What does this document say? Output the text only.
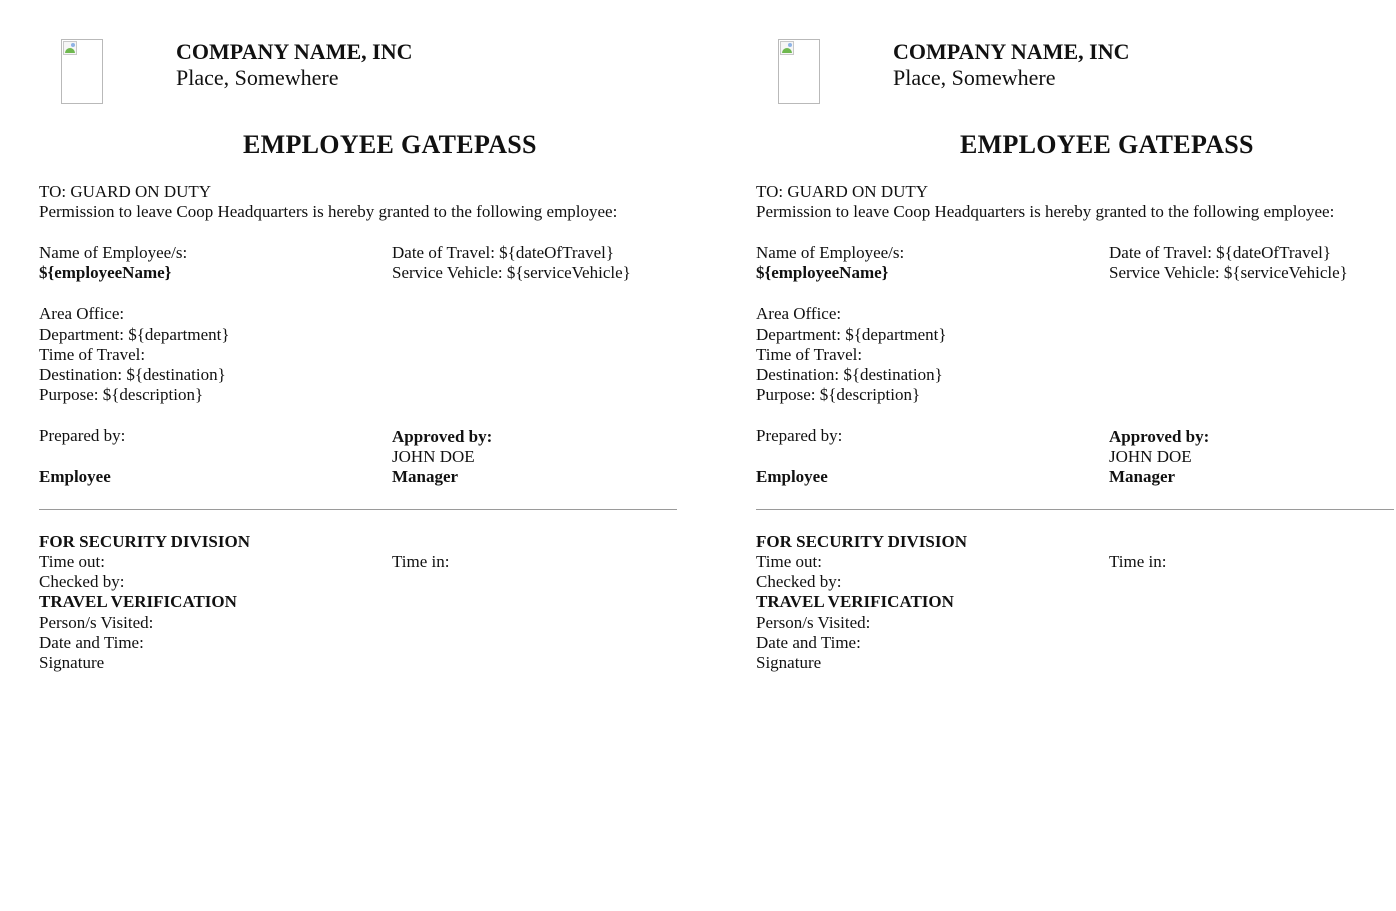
COMPANY NAME, INC
Place, Somewhere
EMPLOYEE GATEPASS
TO: GUARD ON DUTY
Permission to leave Coop Headquarters is hereby granted to the following employee:
Name of Employee/s:
${employeeName}
Date of Travel: ${dateOfTravel}
Service Vehicle: ${serviceVehicle}
Area Office:
Department: ${department}
Time of Travel:
Destination: ${destination}
Purpose: ${description}
Prepared by:
Employee
Approved by:
JOHN DOE
Manager
FOR SECURITY DIVISION
Time out:	Time in:
Checked by:
TRAVEL VERIFICATION
Person/s Visited:
Date and Time:
Signature
COMPANY NAME, INC
Place, Somewhere
EMPLOYEE GATEPASS
TO: GUARD ON DUTY
Permission to leave Coop Headquarters is hereby granted to the following employee:
Name of Employee/s:
${employeeName}
Date of Travel: ${dateOfTravel}
Service Vehicle: ${serviceVehicle}
Area Office:
Department: ${department}
Time of Travel:
Destination: ${destination}
Purpose: ${description}
Prepared by:
Employee
Approved by:
JOHN DOE
Manager
FOR SECURITY DIVISION
Time out:	Time in:
Checked by:
TRAVEL VERIFICATION
Person/s Visited:
Date and Time:
Signature
